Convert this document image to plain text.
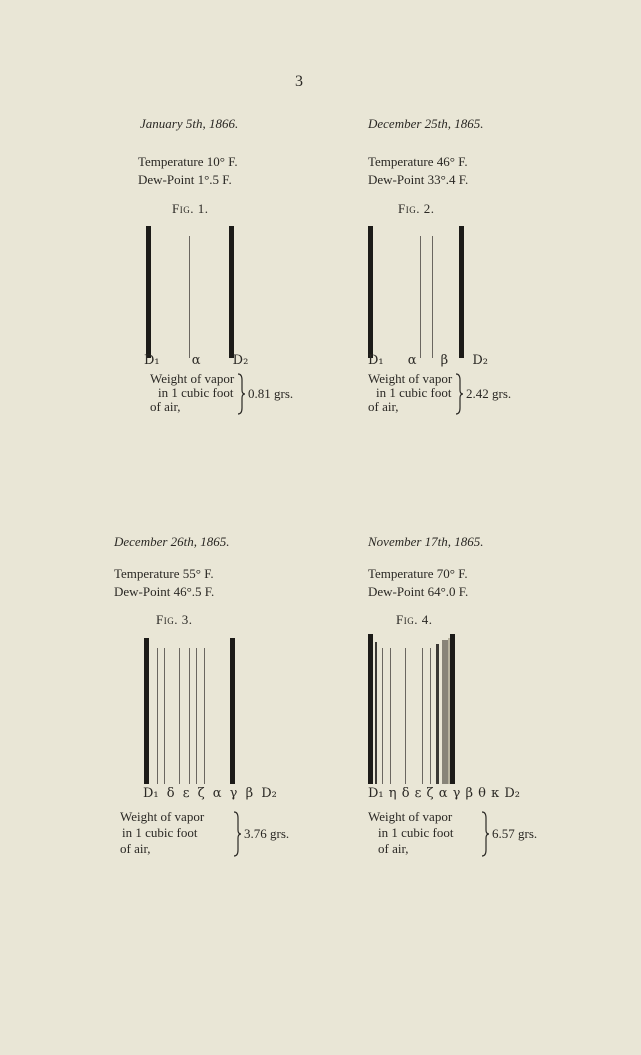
3
January 5th, 1866.
Temperature 10° F.
Dew-Point 1°.5 F.
Fig. 1.
D₁ α D₂
Weight of vapor
in 1 cubic foot
of air,
0.81 grs.
December 25th, 1865.
Temperature 46° F.
Dew-Point 33°.4 F.
Fig. 2.
D₁ α β D₂
Weight of vapor
in 1 cubic foot
of air,
2.42 grs.
December 26th, 1865.
Temperature 55° F.
Dew-Point 46°.5 F.
Fig. 3.
D₁ δ ε ζ α γ β D₂
Weight of vapor
in 1 cubic foot
of air,
3.76 grs.
November 17th, 1865.
Temperature 70° F.
Dew-Point 64°.0 F.
Fig. 4.
D₁ η δ ε ζ α γ β θ κ D₂
Weight of vapor
in 1 cubic foot
of air,
6.57 grs.
